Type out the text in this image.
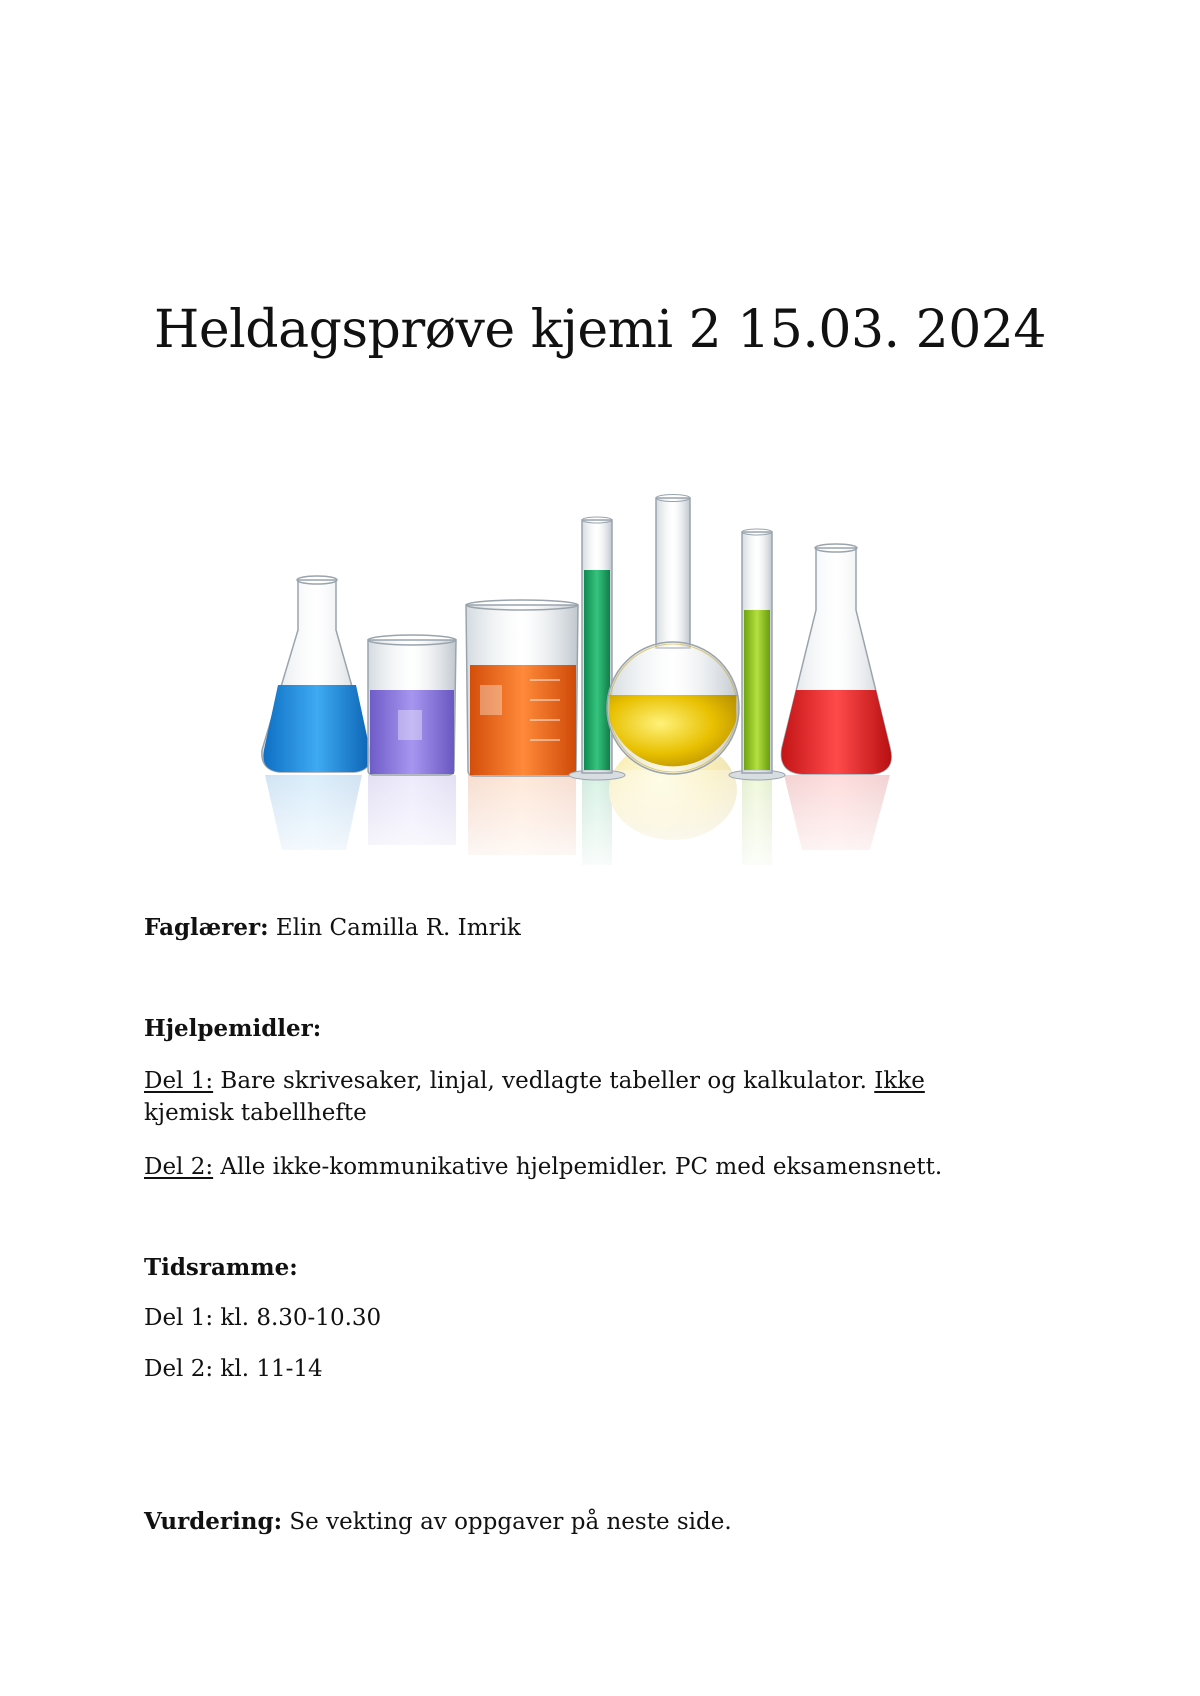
Heldagsprøve kjemi 2 15.03. 2024
Faglærer: Elin Camilla R. Imrik
Hjelpemidler:
Del 1: Bare skrivesaker, linjal, vedlagte tabeller og kalkulator. Ikke
kjemisk tabellhefte
Del 2: Alle ikke-kommunikative hjelpemidler. PC med eksamensnett.
Tidsramme:
Del 1: kl. 8.30-10.30
Del 2: kl. 11-14
Vurdering: Se vekting av oppgaver på neste side.
